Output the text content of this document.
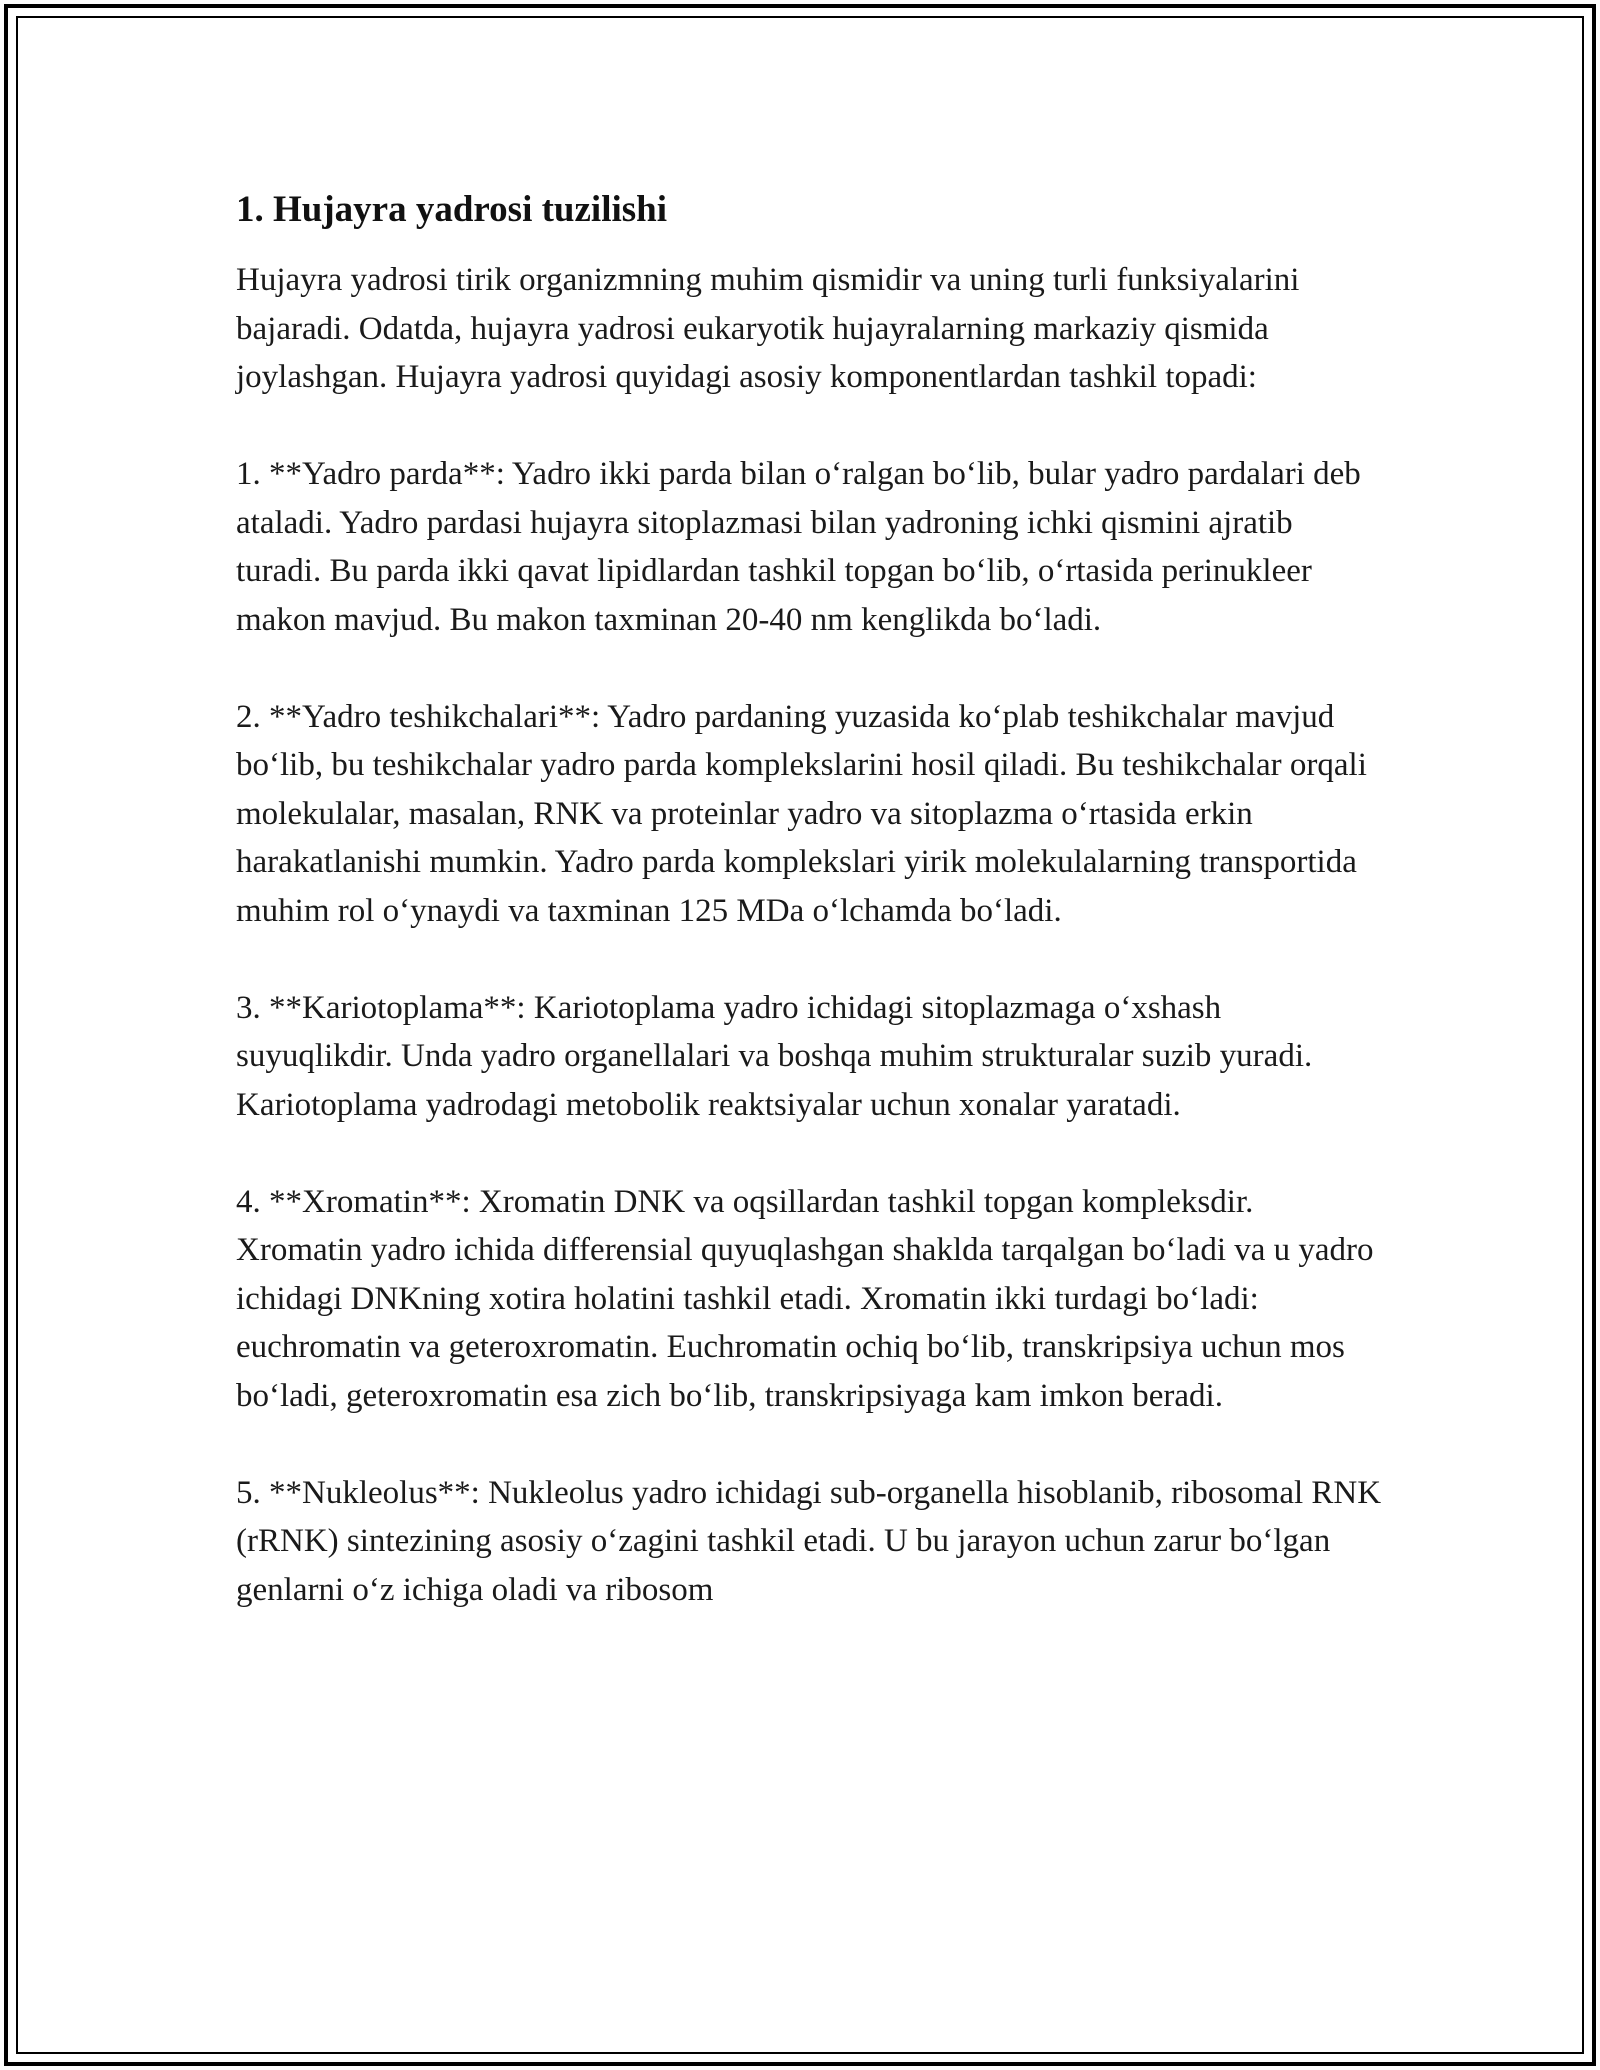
1. Hujayra yadrosi tuzilishi

Hujayra yadrosi tirik organizmning muhim qismidir va uning turli funksiyalarini bajaradi. Odatda, hujayra yadrosi eukaryotik hujayralarning markaziy qismida joylashgan. Hujayra yadrosi quyidagi asosiy komponentlardan tashkil topadi:

1. **Yadro parda**: Yadro ikki parda bilan o‘ralgan bo‘lib, bular yadro pardalari deb ataladi. Yadro pardasi hujayra sitoplazmasi bilan yadroning ichki qismini ajratib turadi. Bu parda ikki qavat lipidlardan tashkil topgan bo‘lib, o‘rtasida perinukleer makon mavjud. Bu makon taxminan 20-40 nm kenglikda bo‘ladi.

2. **Yadro teshikchalari**: Yadro pardaning yuzasida ko‘plab teshikchalar mavjud bo‘lib, bu teshikchalar yadro parda komplekslarini hosil qiladi. Bu teshikchalar orqali molekulalar, masalan, RNK va proteinlar yadro va sitoplazma o‘rtasida erkin harakatlanishi mumkin. Yadro parda komplekslari yirik molekulalarning transportida muhim rol o‘ynaydi va taxminan 125 MDa o‘lchamda bo‘ladi.

3. **Kariotoplama**: Kariotoplama yadro ichidagi sitoplazmaga o‘xshash suyuqlikdir. Unda yadro organellalari va boshqa muhim strukturalar suzib yuradi. Kariotoplama yadrodagi metobolik reaktsiyalar uchun xonalar yaratadi.

4. **Xromatin**: Xromatin DNK va oqsillardan tashkil topgan kompleksdir. Xromatin yadro ichida differensial quyuqlashgan shaklda tarqalgan bo‘ladi va u yadro ichidagi DNKning xotira holatini tashkil etadi. Xromatin ikki turdagi bo‘ladi: euchromatin va geteroxromatin. Euchromatin ochiq bo‘lib, transkripsiya uchun mos bo‘ladi, geteroxromatin esa zich bo‘lib, transkripsiyaga kam imkon beradi.

5. **Nukleolus**: Nukleolus yadro ichidagi sub-organella hisoblanib, ribosomal RNK (rRNK) sintezining asosiy o‘zagini tashkil etadi. U bu jarayon uchun zarur bo‘lgan genlarni o‘z ichiga oladi va ribosom
